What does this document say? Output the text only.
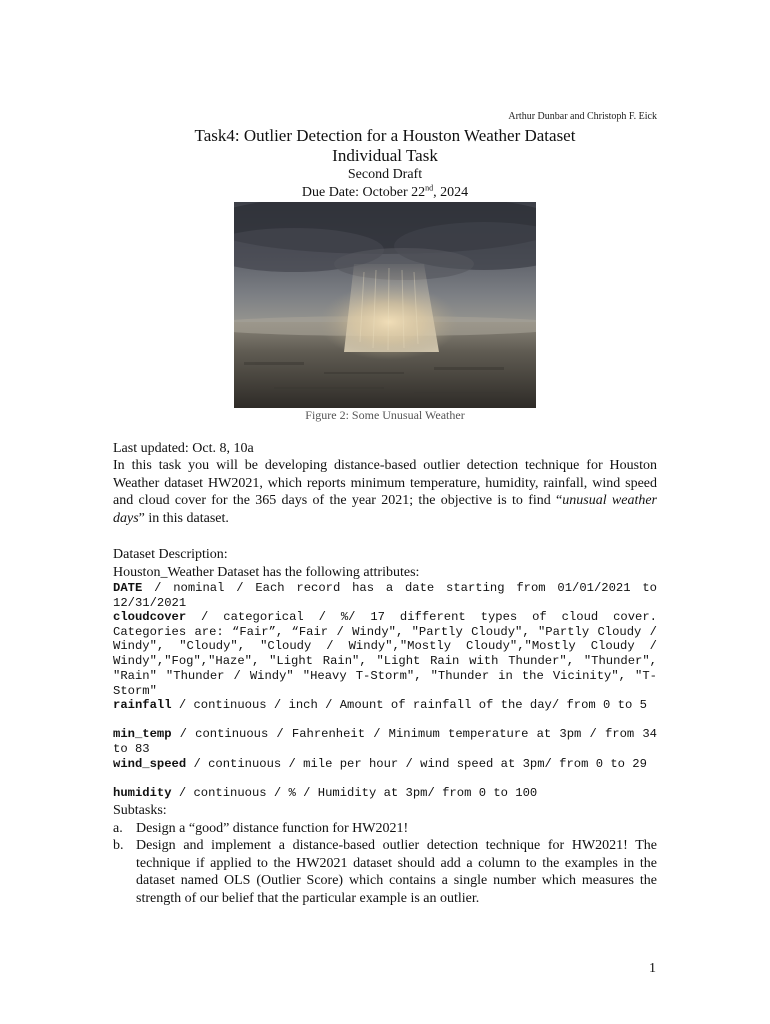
Arthur Dunbar and Christoph F. Eick
Task4: Outlier Detection for a Houston Weather Dataset
Individual Task
Second Draft
Due Date: October 22nd, 2024
Figure 2: Some Unusual Weather
Last updated: Oct. 8, 10a
In this task you will be developing distance-based outlier detection technique for Houston Weather dataset HW2021, which reports minimum temperature, humidity, rainfall, wind speed and cloud cover for the 365 days of the year 2021; the objective is to find “unusual weather days” in this dataset.
Dataset Description:
Houston_Weather Dataset has the following attributes:
DATE / nominal / Each record has a date starting from 01/01/2021 to 12/31/2021
cloudcover / categorical / %/ 17 different types of cloud cover. Categories are: “Fair”, “Fair / Windy", "Partly Cloudy", "Partly Cloudy / Windy", "Cloudy", "Cloudy / Windy","Mostly Cloudy","Mostly Cloudy / Windy","Fog","Haze", "Light Rain", "Light Rain with Thunder", "Thunder", "Rain" "Thunder / Windy" "Heavy T-Storm", "Thunder in the Vicinity", "T-Storm"
rainfall / continuous / inch / Amount of rainfall of the day/ from 0 to 5
min_temp / continuous / Fahrenheit / Minimum temperature at 3pm / from 34 to 83
wind_speed / continuous / mile per hour / wind speed at 3pm/ from 0 to 29
humidity / continuous / % / Humidity at 3pm/ from 0 to 100
Subtasks:
a. Design a “good” distance function for HW2021!
b. Design and implement a distance-based outlier detection technique for HW2021! The technique if applied to the HW2021 dataset should add a column to the examples in the dataset named OLS (Outlier Score) which contains a single number which measures the strength of our belief that the particular example is an outlier.
1
